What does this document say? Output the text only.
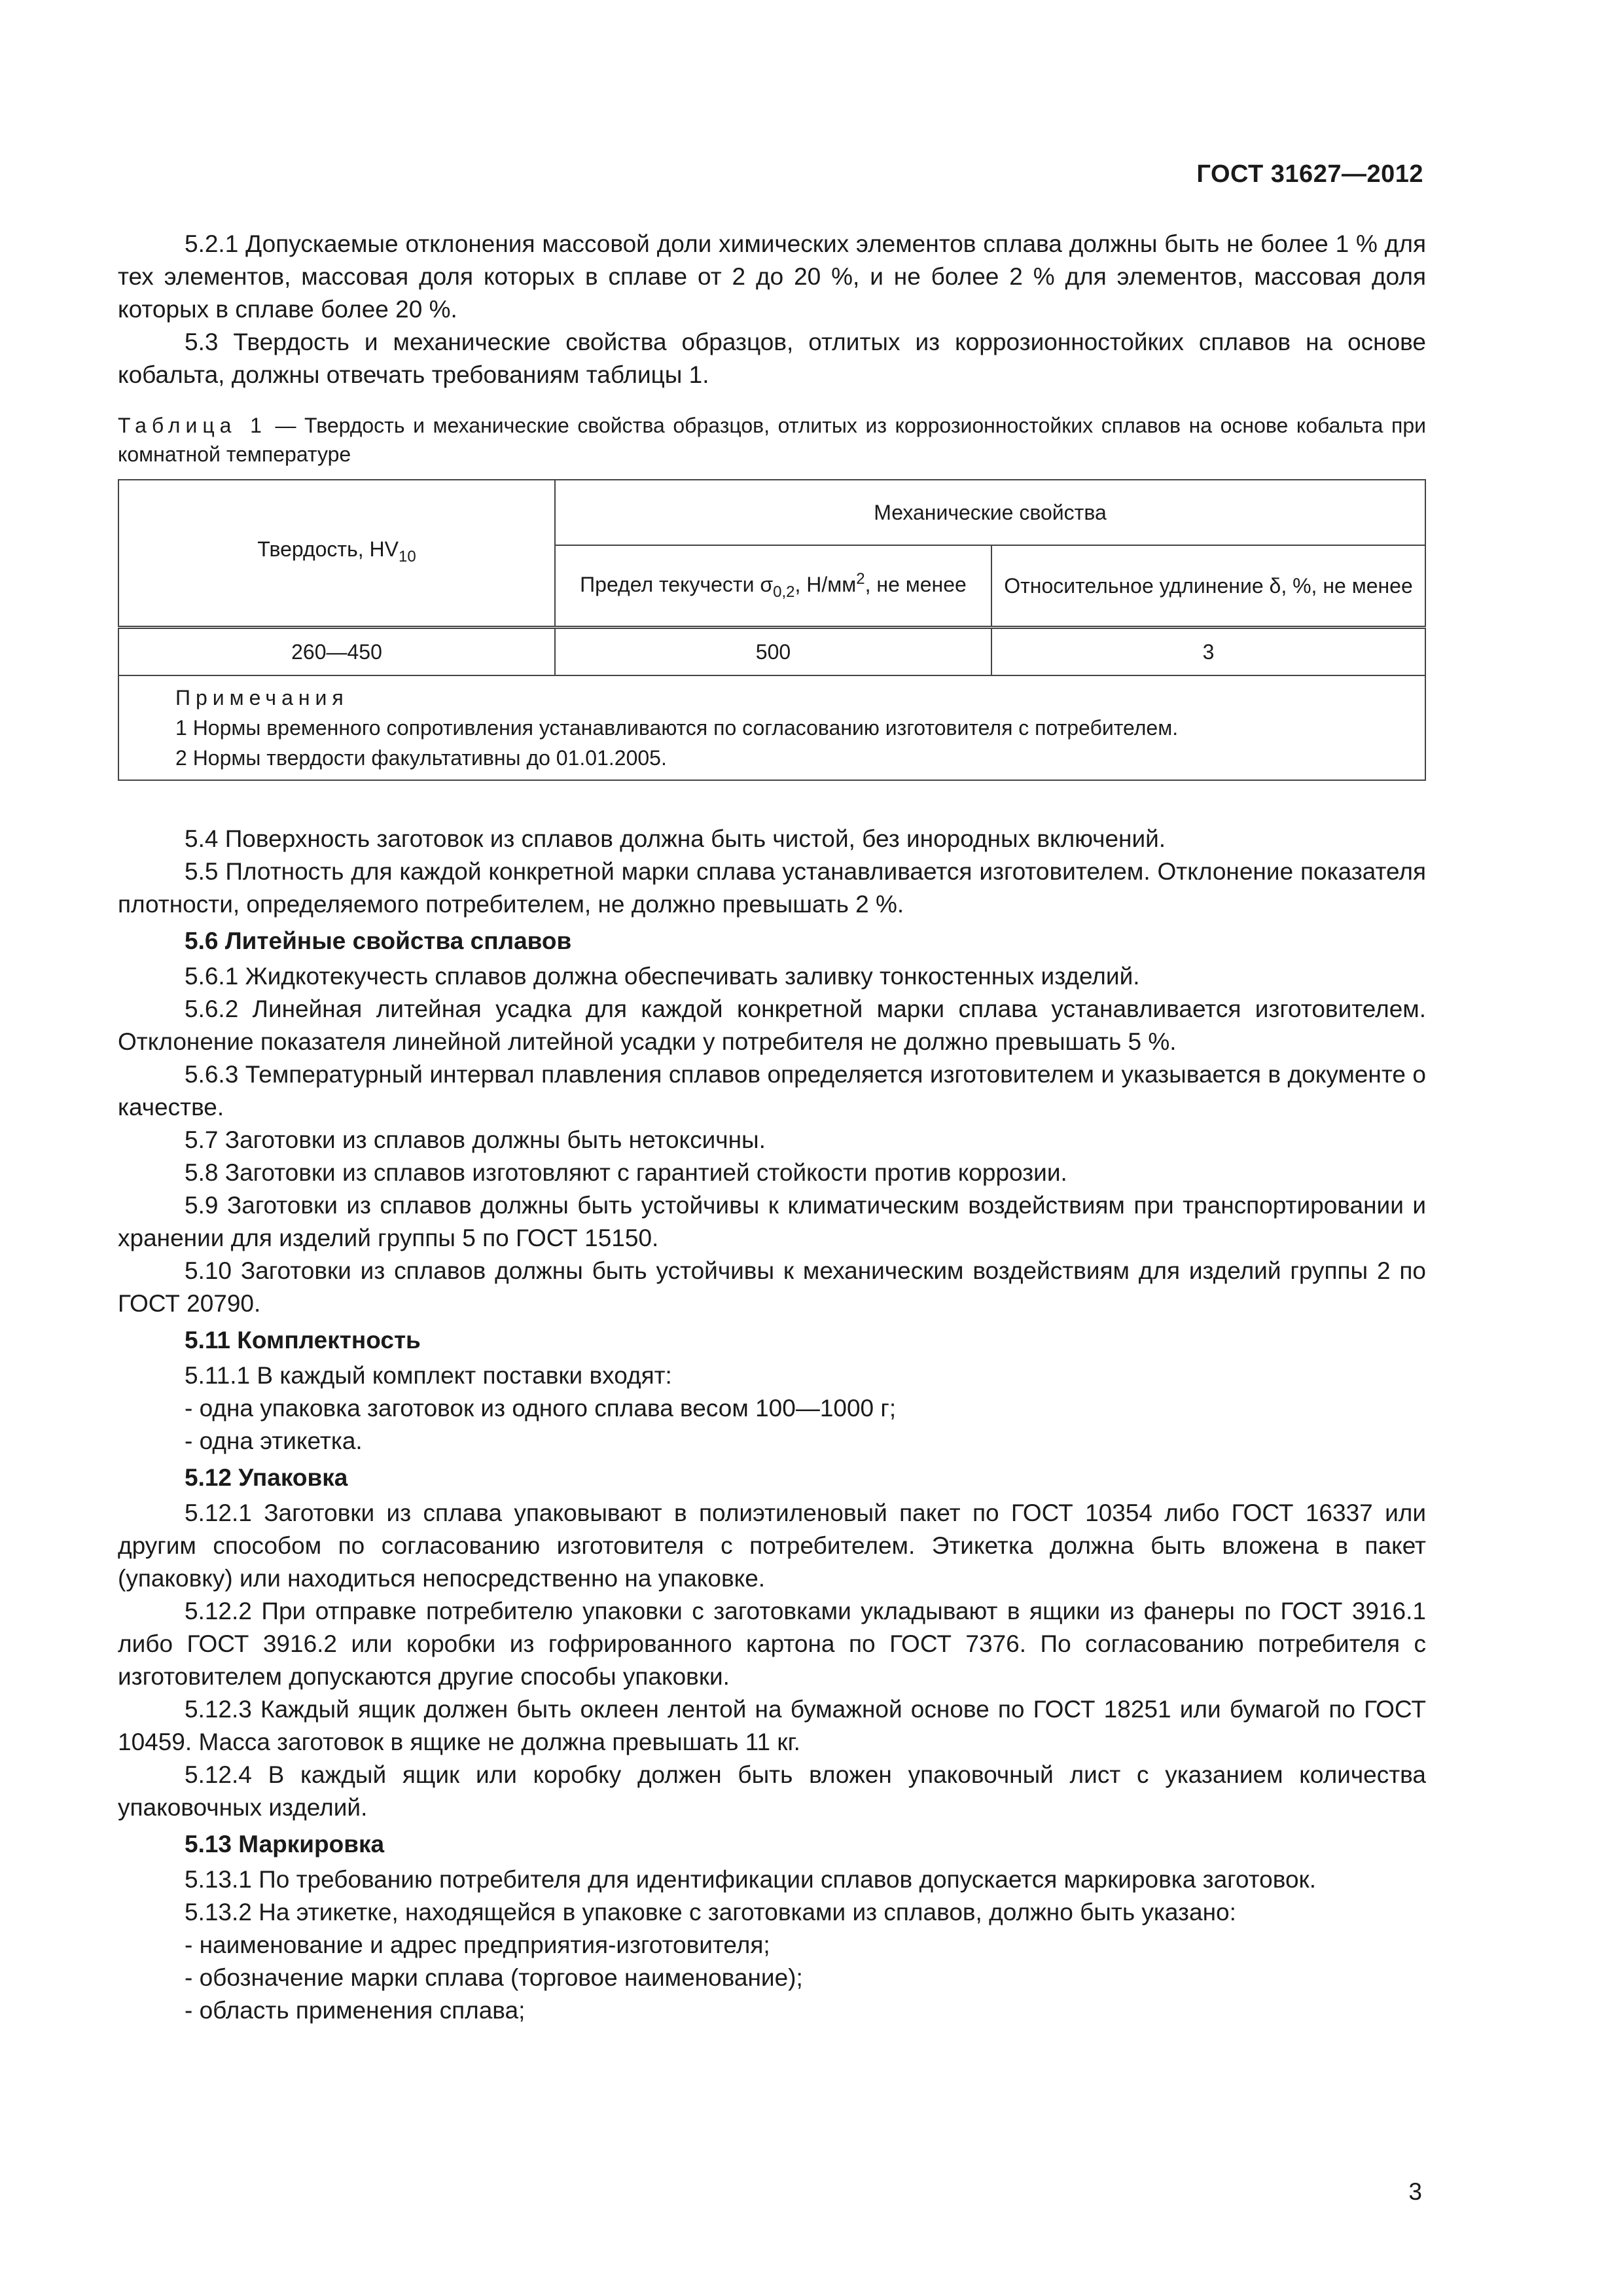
ГОСТ 31627—2012

5.2.1 Допускаемые отклонения массовой доли химических элементов сплава должны быть не более 1 % для тех элементов, массовая доля которых в сплаве от 2 до 20 %, и не более 2 % для элементов, массовая доля которых в сплаве более 20 %.

5.3 Твердость и механические свойства образцов, отлитых из коррозионностойких сплавов на основе кобальта, должны отвечать требованиям таблицы 1.

Таблица 1 — Твердость и механические свойства образцов, отлитых из коррозионностойких сплавов на основе кобальта при комнатной температуре

Твердость, $HV_{10}$	Механические свойства	
	Предел текучести $\sigma_{0,2}$, $Н/мм^2$, не менее	Относительное удлинение δ, %, не менее
260—450	500	3

Примечания
1 Нормы временного сопротивления устанавливаются по согласованию изготовителя с потребителем.
2 Нормы твердости факультативны до 01.01.2005.		

5.4 Поверхность заготовок из сплавов должна быть чистой, без инородных включений.

5.5 Плотность для каждой конкретной марки сплава устанавливается изготовителем. Отклонение показателя плотности, определяемого потребителем, не должно превышать 2 %.

5.6 Литейные свойства сплавов

5.6.1 Жидкотекучесть сплавов должна обеспечивать заливку тонкостенных изделий.

5.6.2 Линейная литейная усадка для каждой конкретной марки сплава устанавливается изготовителем. Отклонение показателя линейной литейной усадки у потребителя не должно превышать 5 %.

5.6.3 Температурный интервал плавления сплавов определяется изготовителем и указывается в документе о качестве.

5.7 Заготовки из сплавов должны быть нетоксичны.

5.8 Заготовки из сплавов изготовляют с гарантией стойкости против коррозии.

5.9 Заготовки из сплавов должны быть устойчивы к климатическим воздействиям при транспортировании и хранении для изделий группы 5 по ГОСТ 15150.

5.10 Заготовки из сплавов должны быть устойчивы к механическим воздействиям для изделий группы 2 по ГОСТ 20790.

5.11 Комплектность

5.11.1 В каждый комплект поставки входят:

- одна упаковка заготовок из одного сплава весом 100—1000 г;

- одна этикетка.

5.12 Упаковка

5.12.1 Заготовки из сплава упаковывают в полиэтиленовый пакет по ГОСТ 10354 либо ГОСТ 16337 или другим способом по согласованию изготовителя с потребителем. Этикетка должна быть вложена в пакет (упаковку) или находиться непосредственно на упаковке.

5.12.2 При отправке потребителю упаковки с заготовками укладывают в ящики из фанеры по ГОСТ 3916.1 либо ГОСТ 3916.2 или коробки из гофрированного картона по ГОСТ 7376. По согласованию потребителя с изготовителем допускаются другие способы упаковки.

5.12.3 Каждый ящик должен быть оклеен лентой на бумажной основе по ГОСТ 18251 или бумагой по ГОСТ 10459. Масса заготовок в ящике не должна превышать 11 кг.

5.12.4 В каждый ящик или коробку должен быть вложен упаковочный лист с указанием количества упаковочных изделий.

5.13 Маркировка

5.13.1 По требованию потребителя для идентификации сплавов допускается маркировка заготовок.

5.13.2 На этикетке, находящейся в упаковке с заготовками из сплавов, должно быть указано:

- наименование и адрес предприятия-изготовителя;

- обозначение марки сплава (торговое наименование);

- область применения сплава;

3
